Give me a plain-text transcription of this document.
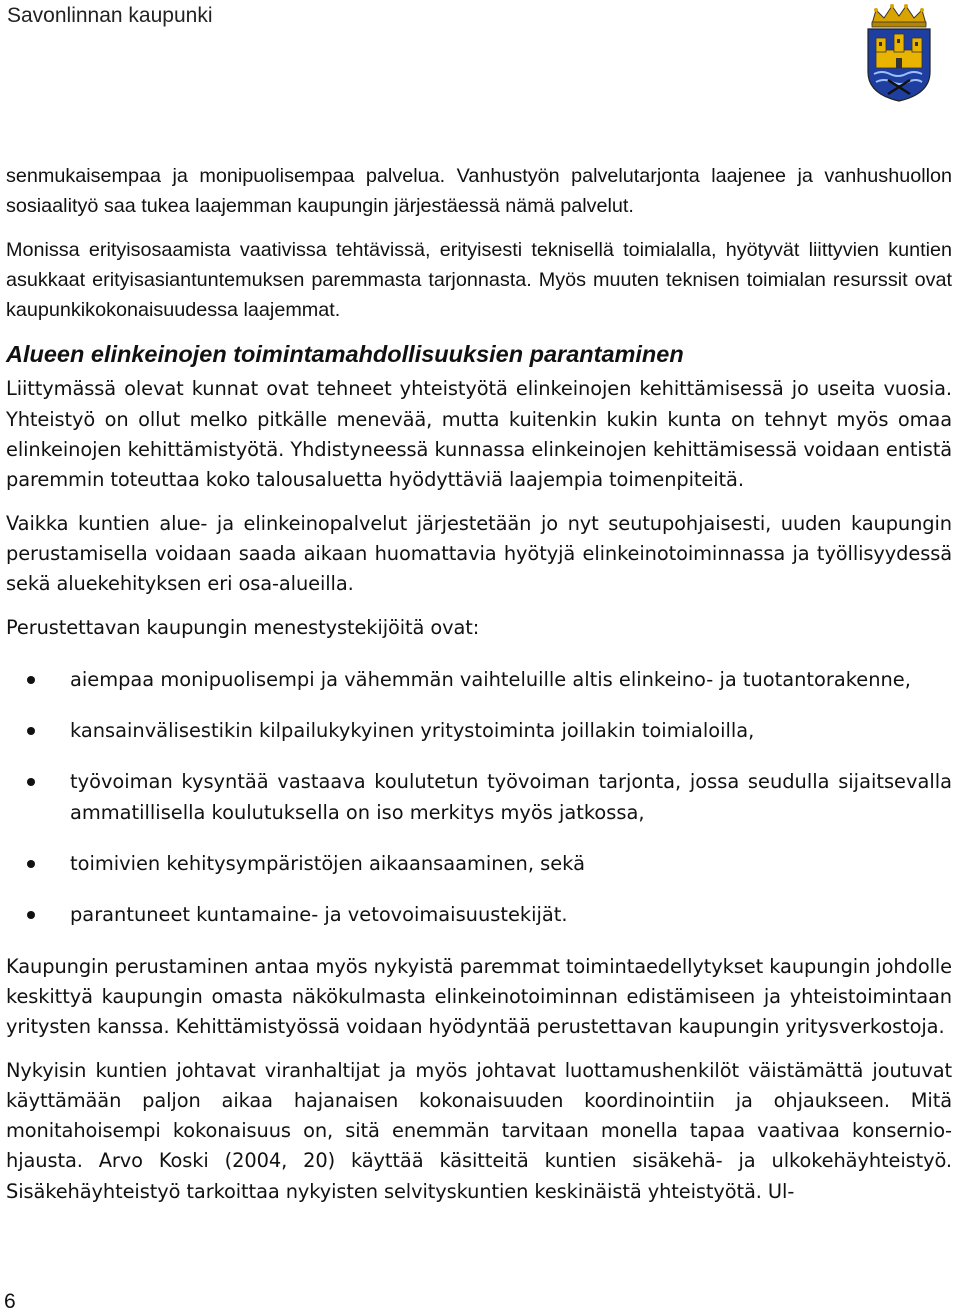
Savonlinnan kaupunki

senmukaisempaa ja monipuolisempaa palvelua. Vanhustyön palvelutarjonta laajenee ja vanhushuollon sosiaalityö saa tukea laajemman kaupungin järjestäessä nämä palvelut.

Monissa erityisosaamista vaativissa tehtävissä, erityisesti teknisellä toimialalla, hyötyvät liittyvien kuntien asukkaat erityisasiantuntemuksen paremmasta tarjonnasta. Myös muuten teknisen toimialan resurssit ovat kaupunkikokonaisuudessa laajemmat.

Alueen elinkeinojen toimintamahdollisuuksien parantaminen

Liittymässä olevat kunnat ovat tehneet yhteistyötä elinkeinojen kehittämisessä jo useita vuosia. Yhteistyö on ollut melko pitkälle menevää, mutta kuitenkin kukin kunta on tehnyt myös omaa elinkeinojen kehittämistyötä. Yhdistyneessä kunnassa elinkeinojen kehittämisessä voidaan entistä paremmin toteuttaa koko talousaluetta hyödyttäviä laajempia toimenpiteitä.

Vaikka kuntien alue- ja elinkeinopalvelut järjestetään jo nyt seutupohjaisesti, uuden kaupungin perustamisella voidaan saada aikaan huomattavia hyötyjä elinkeinotoiminnassa ja työllisyydessä sekä aluekehityksen eri osa-alueilla.

Perustettavan kaupungin menestystekijöitä ovat:

aiempaa monipuolisempi ja vähemmän vaihteluille altis elinkeino- ja tuotantorakenne,
kansainvälisestikin kilpailukykyinen yritystoiminta joillakin toimialoilla,
työvoiman kysyntää vastaava koulutetun työvoiman tarjonta, jossa seudulla sijaitsevalla ammatillisella koulutuksella on iso merkitys myös jatkossa,
toimivien kehitysympäristöjen aikaansaaminen, sekä
parantuneet kuntamaine- ja vetovoimaisuustekijät.

Kaupungin perustaminen antaa myös nykyistä paremmat toimintaedellytykset kaupungin johdolle keskittyä kaupungin omasta näkökulmasta elinkeinotoiminnan edistämiseen ja yhteistoimintaan yritysten kanssa. Kehittämistyössä voidaan hyödyntää perustettavan kaupungin yritysverkostoja.

Nykyisin kuntien johtavat viranhaltijat ja myös johtavat luottamushenkilöt väistämättä joutuvat käyttämään paljon aikaa hajanaisen kokonaisuuden koordinointiin ja ohjaukseen. Mitä monitahoisempi kokonaisuus on, sitä enemmän tarvitaan monella tapaa vaativaa konserniohjausta. Arvo Koski (2004, 20) käyttää käsitteitä kuntien sisäkehä- ja ulkokehäyhteistyö. Sisäkehäyhteistyö tarkoittaa nykyisten selvityskuntien keskinäistä yhteistyötä. Ul-

6
